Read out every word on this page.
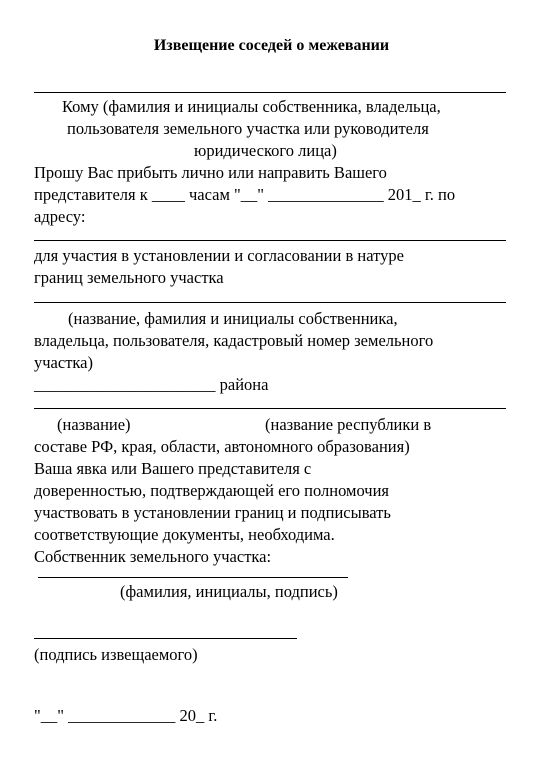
Извещение соседей о межевании
Кому (фамилия и инициалы собственника, владельца,
пользователя земельного участка или руководителя
юридического лица)
Прошу Вас прибыть лично или направить Вашего
представителя к ____ часам "__" ______________ 201_ г. по
адресу:
для участия в установлении и согласовании в натуре
границ земельного участка
(название, фамилия и инициалы собственника,
владельца, пользователя, кадастровый номер земельного
участка)
______________________ района
(название)	(название республики в
составе РФ, края, области, автономного образования)
Ваша явка или Вашего представителя с
доверенностью, подтверждающей его полномочия
участвовать в установлении границ и подписывать
соответствующие документы, необходима.
Собственник земельного участка:
(фамилия, инициалы, подпись)
(подпись извещаемого)
"__" _____________ 20_ г.
